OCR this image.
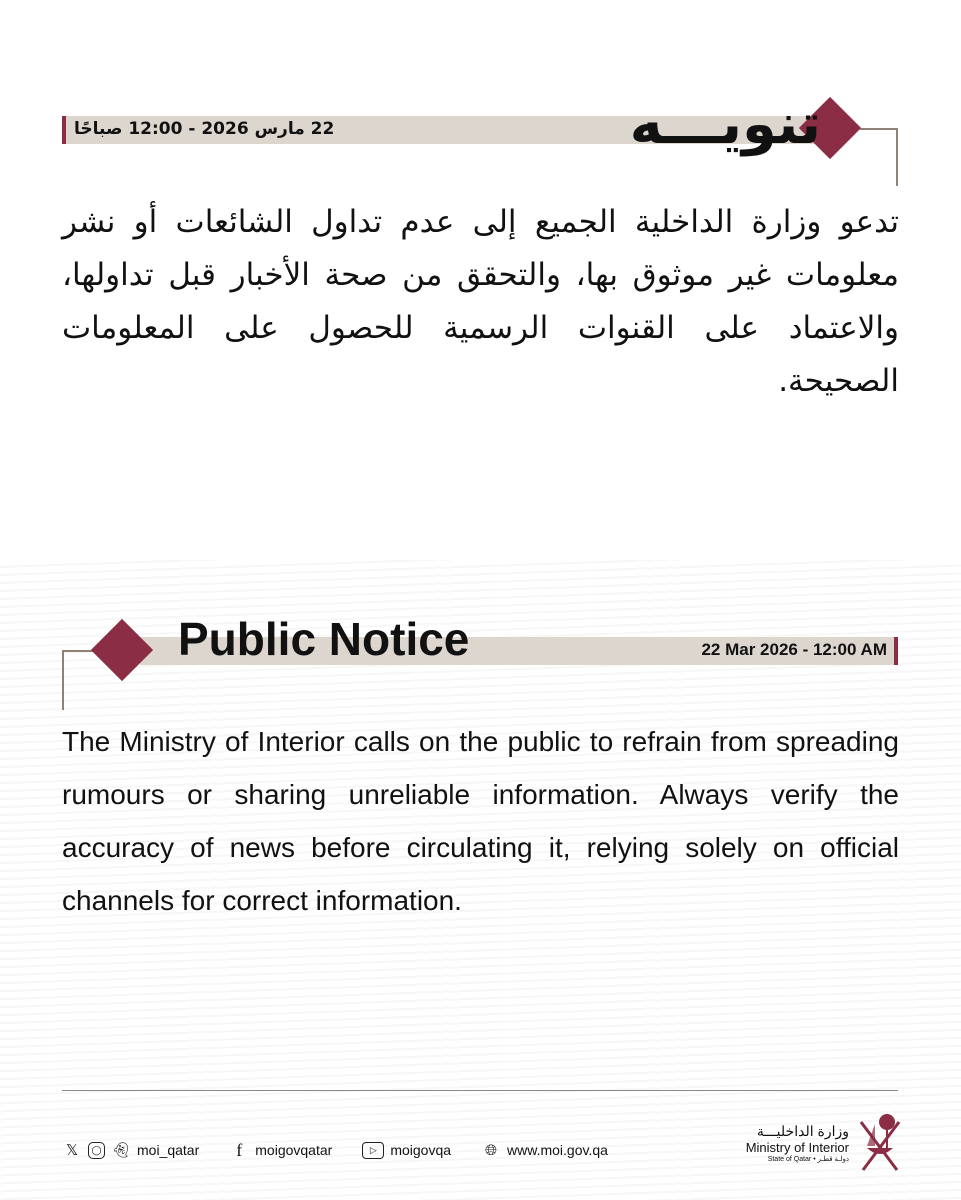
تنويـــه
22 مارس 2026 - 12:00 صباحًا
تدعو وزارة الداخلية الجميع إلى عدم تداول الشائعات أو نشر معلومات غير موثوق بها، والتحقق من صحة الأخبار قبل تداولها، والاعتماد على القنوات الرسمية للحصول على المعلومات الصحيحة.
Public Notice	22 Mar 2026 - 12:00 AM
The Ministry of Interior calls on the public to refrain from spreading rumours or sharing unreliable information. Always verify the accuracy of news before circulating it, relying solely on official channels for correct information.
𝕏	◯ 👻︎ moi_qatar	f moigovqatar	▷ moigovqa 🌐︎ www.moi.gov.qa
وزارة الداخليـــة
Ministry of Interior
State of Qatar • دولـة قطـر
